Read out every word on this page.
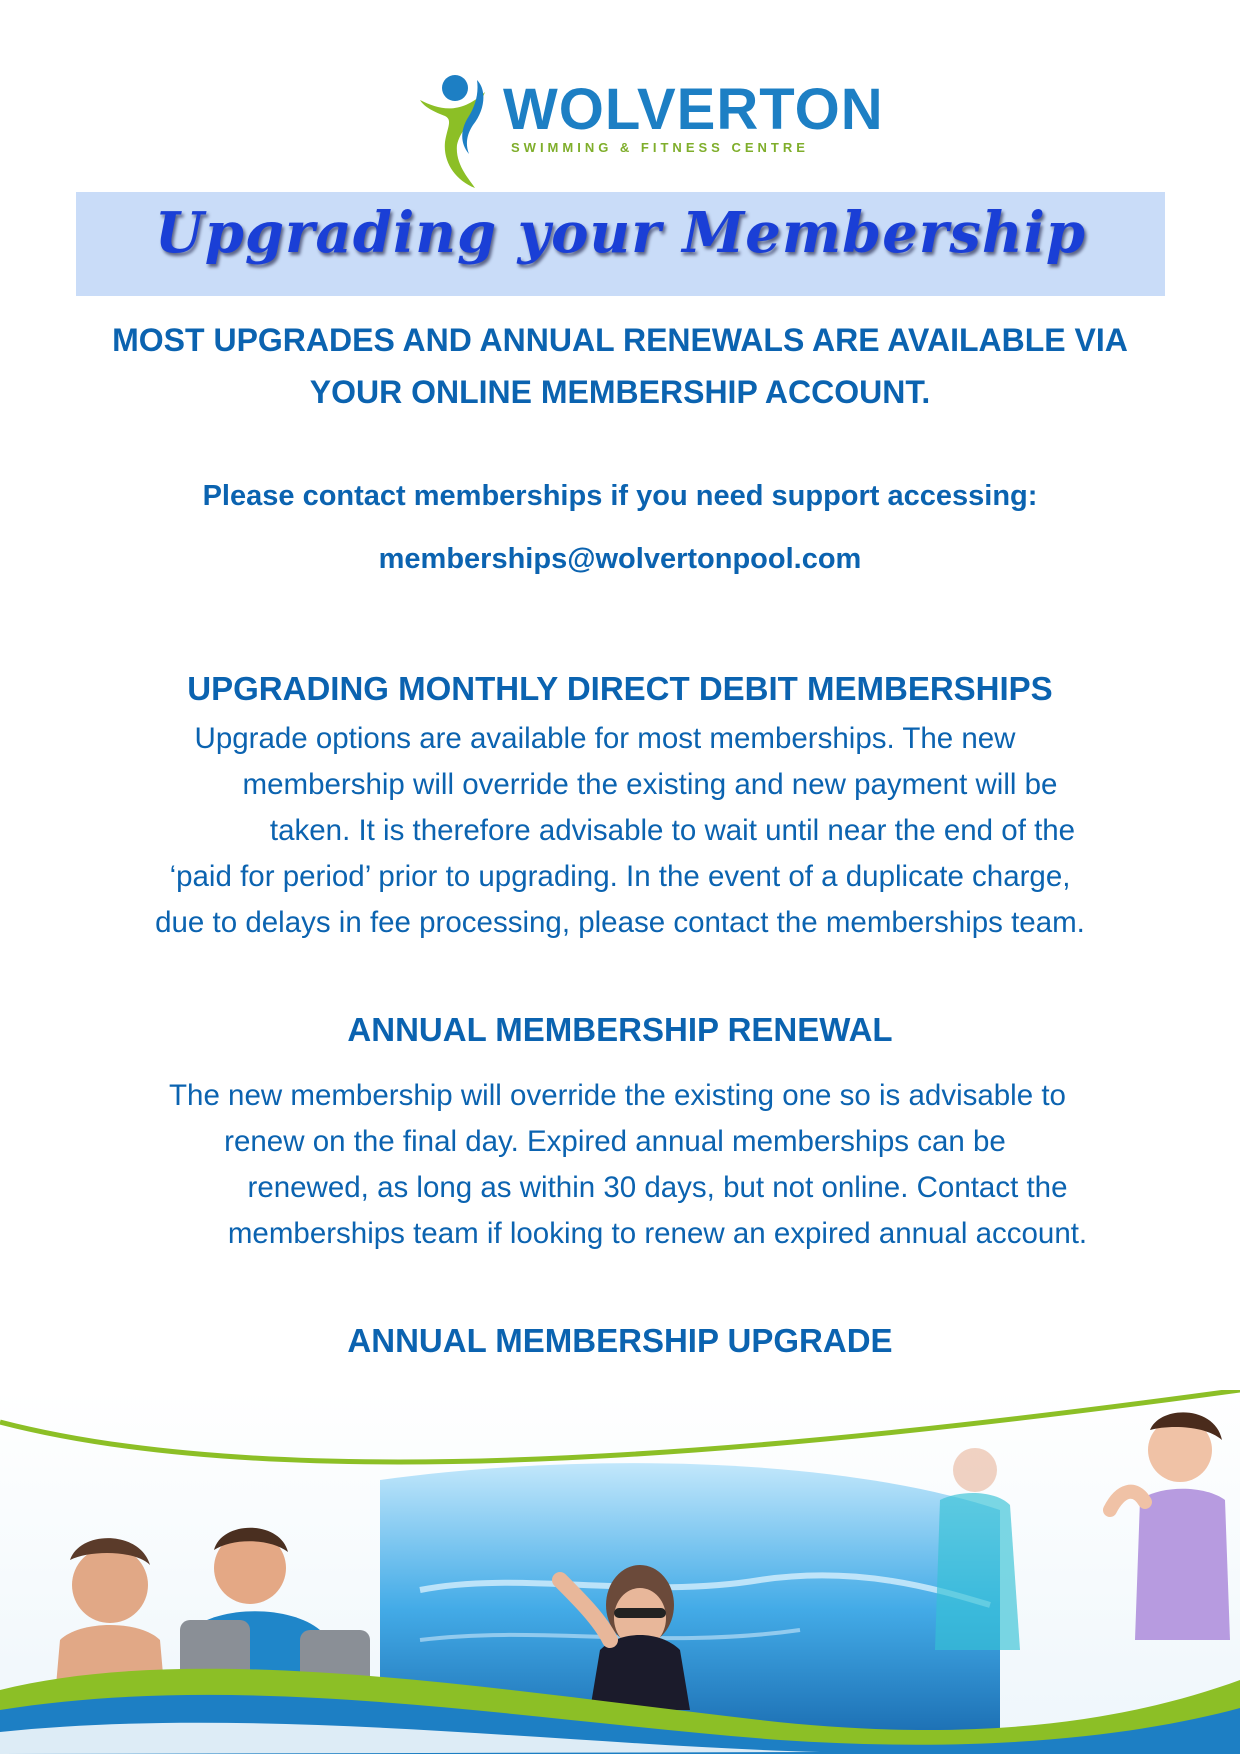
WOLVERTON
SWIMMING & FITNESS CENTRE
Upgrading your Membership
MOST UPGRADES AND ANNUAL RENEWALS ARE AVAILABLE VIA
YOUR ONLINE MEMBERSHIP ACCOUNT.
Please contact memberships if you need support accessing:
memberships@wolvertonpool.com
UPGRADING MONTHLY DIRECT DEBIT MEMBERSHIPS
Upgrade options are available for most memberships. The new
membership will override the existing and new payment will be
taken. It is therefore advisable to wait until near the end of the
‘paid for period’ prior to upgrading. In the event of a duplicate charge,
due to delays in fee processing, please contact the memberships team.
ANNUAL MEMBERSHIP RENEWAL
The new membership will override the existing one so is advisable to
renew on the final day. Expired annual memberships can be
renewed, as long as within 30 days, but not online. Contact the
memberships team if looking to renew an expired annual account.
ANNUAL MEMBERSHIP UPGRADE
